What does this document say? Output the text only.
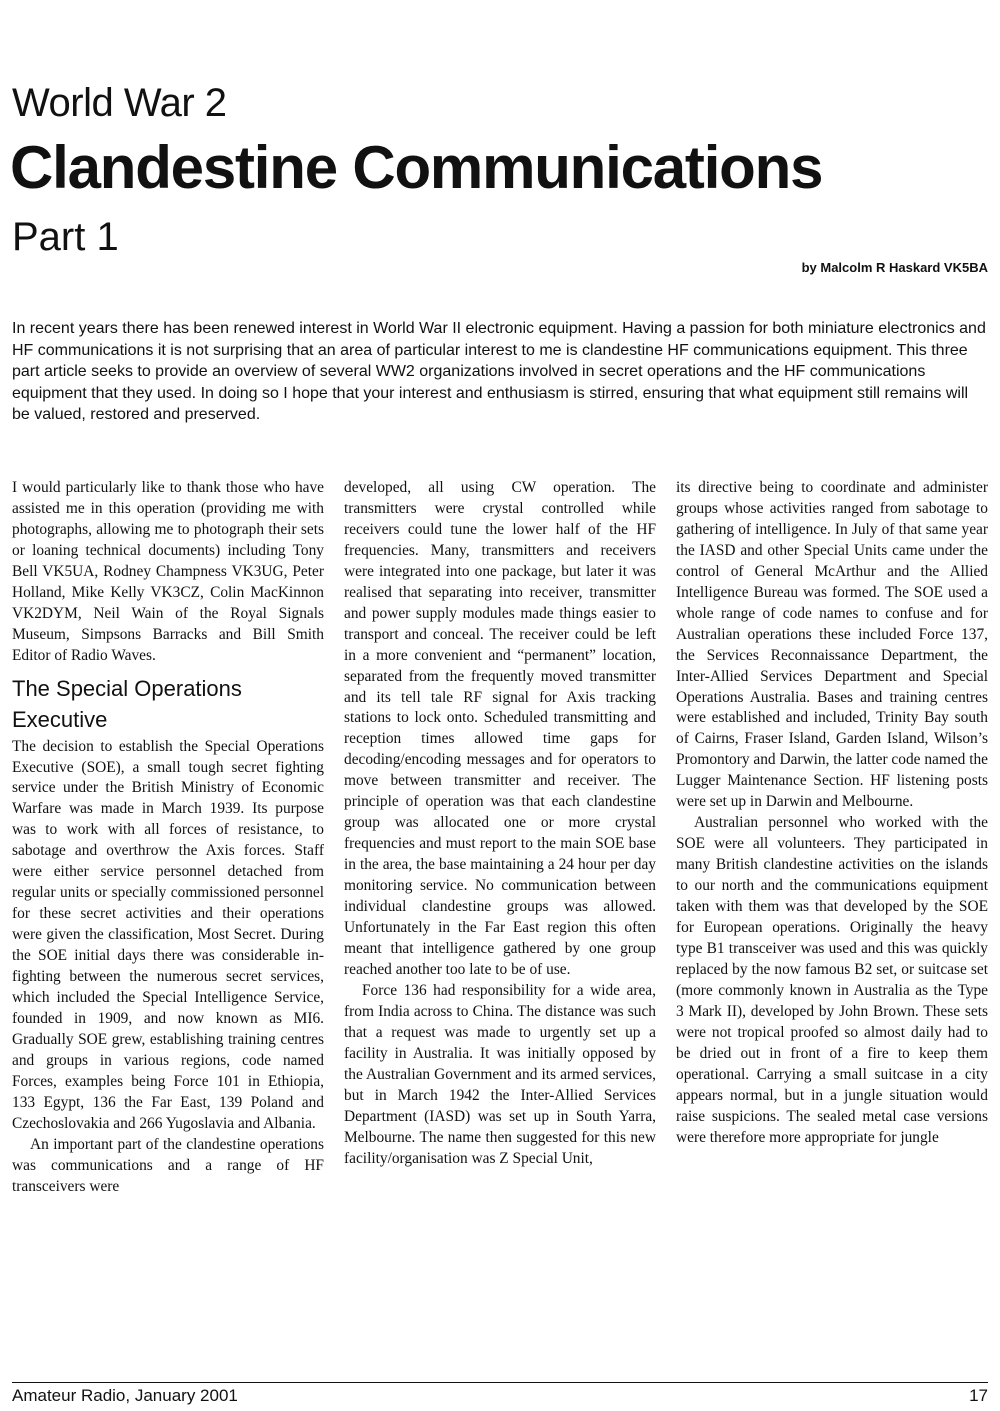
World War 2
Clandestine Communications
Part 1
by Malcolm R Haskard VK5BA

In recent years there has been renewed interest in World War II electronic equipment. Having a passion for both miniature electronics and HF communications it is not surprising that an area of particular interest to me is clandestine HF communications equipment. This three part article seeks to provide an overview of several WW2 organizations involved in secret operations and the HF communications equipment that they used. In doing so I hope that your interest and enthusiasm is stirred, ensuring that what equipment still remains will be valued, restored and preserved.

I would particularly like to thank those who have assisted me in this operation (providing me with photographs, allowing me to photograph their sets or loaning technical documents) including Tony Bell VK5UA, Rodney Champness VK3UG, Peter Holland, Mike Kelly VK3CZ, Colin MacKinnon VK2DYM, Neil Wain of the Royal Signals Museum, Simpsons Barracks and Bill Smith Editor of Radio Waves.

The Special Operations Executive

The decision to establish the Special Operations Executive (SOE), a small tough secret fighting service under the British Ministry of Economic Warfare was made in March 1939. Its purpose was to work with all forces of resistance, to sabotage and overthrow the Axis forces. Staff were either service personnel detached from regular units or specially commissioned personnel for these secret activities and their operations were given the classification, Most Secret. During the SOE initial days there was considerable in-fighting between the numerous secret services, which included the Special Intelligence Service, founded in 1909, and now known as MI6. Gradually SOE grew, establishing training centres and groups in various regions, code named Forces, examples being Force 101 in Ethiopia, 133 Egypt, 136 the Far East, 139 Poland and Czechoslovakia and 266 Yugoslavia and Albania.

An important part of the clandestine operations was communications and a range of HF transceivers were

developed, all using CW operation. The transmitters were crystal controlled while receivers could tune the lower half of the HF frequencies. Many, transmitters and receivers were integrated into one package, but later it was realised that separating into receiver, transmitter and power supply modules made things easier to transport and conceal. The receiver could be left in a more convenient and “permanent” location, separated from the frequently moved transmitter and its tell tale RF signal for Axis tracking stations to lock onto. Scheduled transmitting and reception times allowed time gaps for decoding/encoding messages and for operators to move between transmitter and receiver. The principle of operation was that each clandestine group was allocated one or more crystal frequencies and must report to the main SOE base in the area, the base maintaining a 24 hour per day monitoring service. No communication between individual clandestine groups was allowed. Unfortunately in the Far East region this often meant that intelligence gathered by one group reached another too late to be of use.

Force 136 had responsibility for a wide area, from India across to China. The distance was such that a request was made to urgently set up a facility in Australia. It was initially opposed by the Australian Government and its armed services, but in March 1942 the Inter-Allied Services Department (IASD) was set up in South Yarra, Melbourne. The name then suggested for this new facility/organisation was Z Special Unit,

its directive being to coordinate and administer groups whose activities ranged from sabotage to gathering of intelligence. In July of that same year the IASD and other Special Units came under the control of General McArthur and the Allied Intelligence Bureau was formed. The SOE used a whole range of code names to confuse and for Australian operations these included Force 137, the Services Reconnaissance Department, the Inter-Allied Services Department and Special Operations Australia. Bases and training centres were established and included, Trinity Bay south of Cairns, Fraser Island, Garden Island, Wilson’s Promontory and Darwin, the latter code named the Lugger Maintenance Section. HF listening posts were set up in Darwin and Melbourne.

Australian personnel who worked with the SOE were all volunteers. They participated in many British clandestine activities on the islands to our north and the communications equipment taken with them was that developed by the SOE for European operations. Originally the heavy type B1 transceiver was used and this was quickly replaced by the now famous B2 set, or suitcase set (more commonly known in Australia as the Type 3 Mark II), developed by John Brown. These sets were not tropical proofed so almost daily had to be dried out in front of a fire to keep them operational. Carrying a small suitcase in a city appears normal, but in a jungle situation would raise suspicions. The sealed metal case versions were therefore more appropriate for jungle

Amateur Radio, January 2001	17
